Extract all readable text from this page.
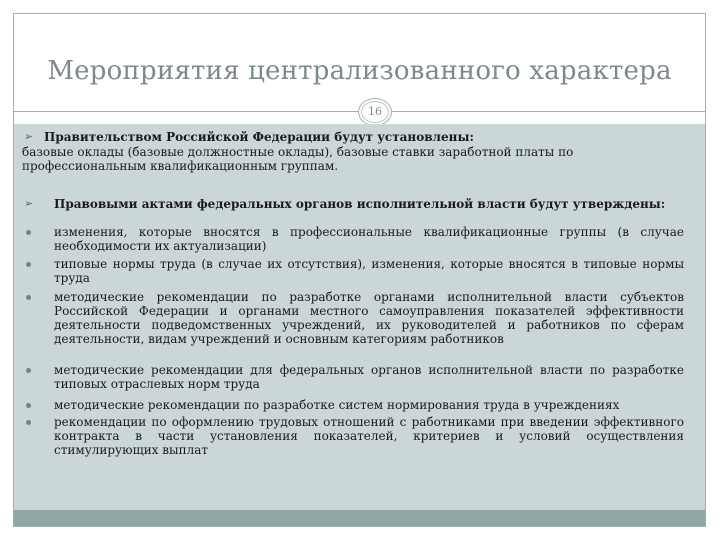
Мероприятия централизованного характера
16
➢ Правительством Российской Федерации будут установлены:
базовые оклады (базовые должностные оклады), базовые ставки заработной платы по профессиональным квалификационным группам.
➢	Правовыми актами федеральных органов исполнительной власти будут утверждены:
изменения, которые вносятся в профессиональные квалификационные группы (в случае необходимости их актуализации)
типовые нормы труда (в случае их отсутствия), изменения, которые вносятся в типовые нормы труда
методические рекомендации по разработке органами исполнительной власти субъектов Российской Федерации и органами местного самоуправления показателей эффективности деятельности подведомственных учреждений, их руководителей и работников по сферам деятельности, видам учреждений и основным категориям работников
методические рекомендации для федеральных органов исполнительной власти по разработке типовых отраслевых норм труда
методические рекомендации по разработке систем нормирования труда в учреждениях
рекомендации по оформлению трудовых отношений с работниками при введении эффективного контракта в части установления показателей, критериев и условий осуществления стимулирующих выплат
